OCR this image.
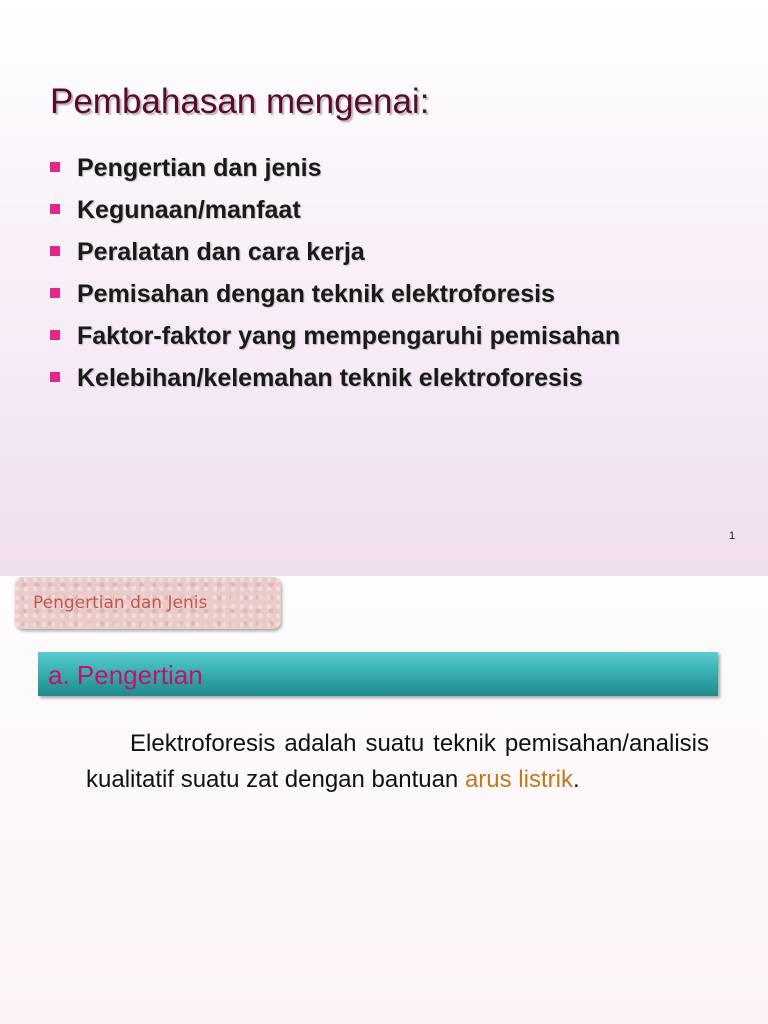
Pembahasan mengenai:
Pengertian dan jenis
Kegunaan/manfaat
Peralatan dan cara kerja
Pemisahan dengan teknik elektroforesis
Faktor-faktor yang mempengaruhi pemisahan
Kelebihan/kelemahan teknik elektroforesis
1
Pengertian dan Jenis
a. Pengertian

Elektroforesis adalah suatu teknik pemisahan/analisis kualitatif suatu zat dengan bantuan arus listrik.
